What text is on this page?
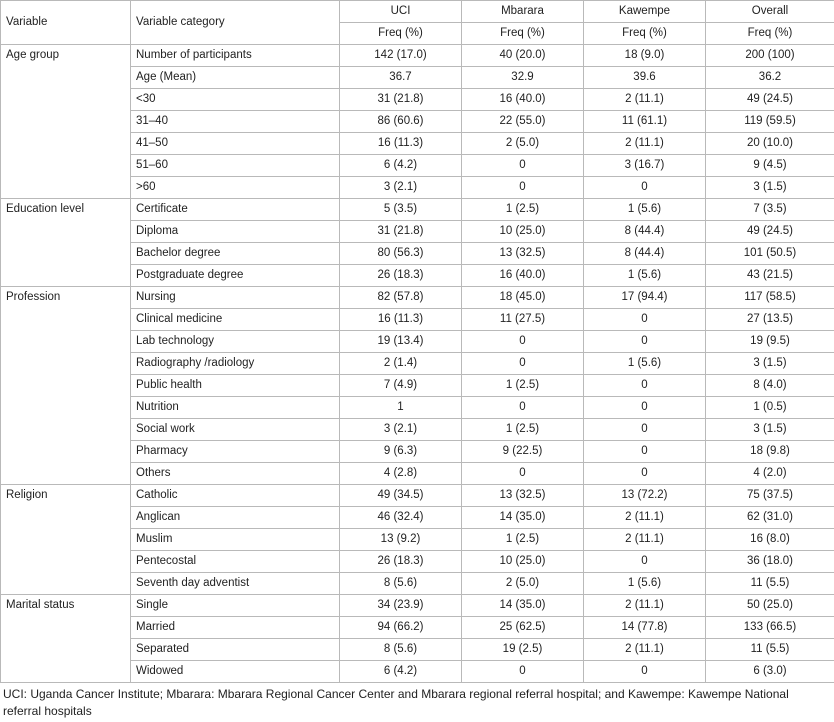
Variable	Variable category	UCI	Mbarara	Kawempe	Overall
		Freq (%)	Freq (%)	Freq (%)	Freq (%)
Age group	Number of participants	142 (17.0)	40 (20.0)	18 (9.0)	200 (100)
	Age (Mean)	36.7	32.9	39.6	36.2
	<30	31 (21.8)	16 (40.0)	2 (11.1)	49 (24.5)
	31–40	86 (60.6)	22 (55.0)	11 (61.1)	119 (59.5)
	41–50	16 (11.3)	2 (5.0)	2 (11.1)	20 (10.0)
	51–60	6 (4.2)	0	3 (16.7)	9 (4.5)
	>60	3 (2.1)	0	0	3 (1.5)
Education level	Certificate	5 (3.5)	1 (2.5)	1 (5.6)	7 (3.5)
	Diploma	31 (21.8)	10 (25.0)	8 (44.4)	49 (24.5)
	Bachelor degree	80 (56.3)	13 (32.5)	8 (44.4)	101 (50.5)
	Postgraduate degree	26 (18.3)	16 (40.0)	1 (5.6)	43 (21.5)
Profession	Nursing	82 (57.8)	18 (45.0)	17 (94.4)	117 (58.5)
	Clinical medicine	16 (11.3)	11 (27.5)	0	27 (13.5)
	Lab technology	19 (13.4)	0	0	19 (9.5)
	Radiography /radiology	2 (1.4)	0	1 (5.6)	3 (1.5)
	Public health	7 (4.9)	1 (2.5)	0	8 (4.0)
	Nutrition	1	0	0	1 (0.5)
	Social work	3 (2.1)	1 (2.5)	0	3 (1.5)
	Pharmacy	9 (6.3)	9 (22.5)	0	18 (9.8)
	Others	4 (2.8)	0	0	4 (2.0)
Religion	Catholic	49 (34.5)	13 (32.5)	13 (72.2)	75 (37.5)
	Anglican	46 (32.4)	14 (35.0)	2 (11.1)	62 (31.0)
	Muslim	13 (9.2)	1 (2.5)	2 (11.1)	16 (8.0)
	Pentecostal	26 (18.3)	10 (25.0)	0	36 (18.0)
	Seventh day adventist	8 (5.6)	2 (5.0)	1 (5.6)	11 (5.5)
Marital status	Single	34 (23.9)	14 (35.0)	2 (11.1)	50 (25.0)
	Married	94 (66.2)	25 (62.5)	14 (77.8)	133 (66.5)
	Separated	8 (5.6)	19 (2.5)	2 (11.1)	11 (5.5)
	Widowed	6 (4.2)	0	0	6 (3.0)
UCI: Uganda Cancer Institute; Mbarara: Mbarara Regional Cancer Center and Mbarara regional referral hospital; and Kawempe: Kawempe National referral hospitals
